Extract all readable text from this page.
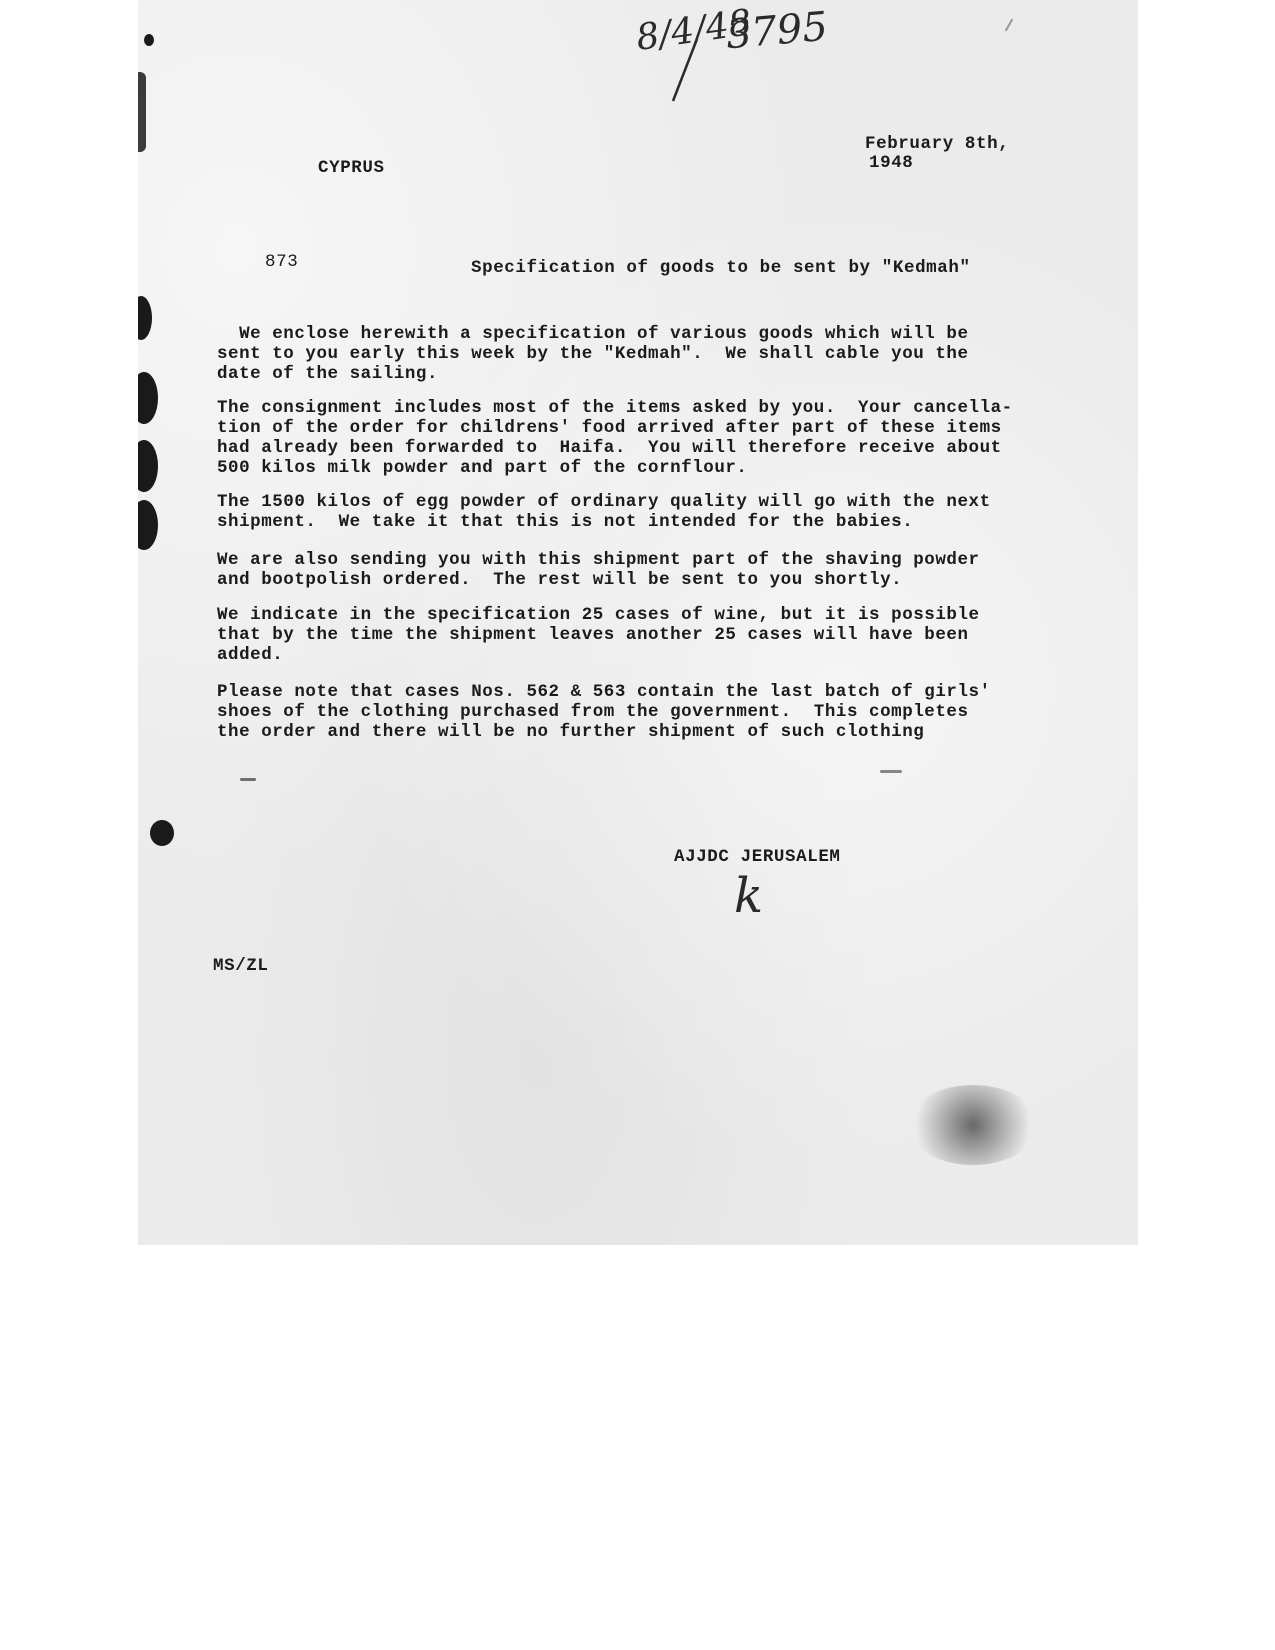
8/4/48
3795
CYPRUS
February 8th,
1948
873	Specification of goods to be sent by "Kedmah"
We enclose herewith a specification of various goods which will be
sent to you early this week by the "Kedmah".  We shall cable you the
date of the sailing.
The consignment includes most of the items asked by you.  Your cancella-
tion of the order for childrens' food arrived after part of these items
had already been forwarded to  Haifa.  You will therefore receive about
500 kilos milk powder and part of the cornflour.
The 1500 kilos of egg powder of ordinary quality will go with the next
shipment.  We take it that this is not intended for the babies.
We are also sending you with this shipment part of the shaving powder
and bootpolish ordered.  The rest will be sent to you shortly.
We indicate in the specification 25 cases of wine, but it is possible
that by the time the shipment leaves another 25 cases will have been
added.
Please note that cases Nos. 562 & 563 contain the last batch of girls'
shoes of the clothing purchased from the government.  This completes
the order and there will be no further shipment of such clothing
AJJDC JERUSALEM
k
MS/ZL
